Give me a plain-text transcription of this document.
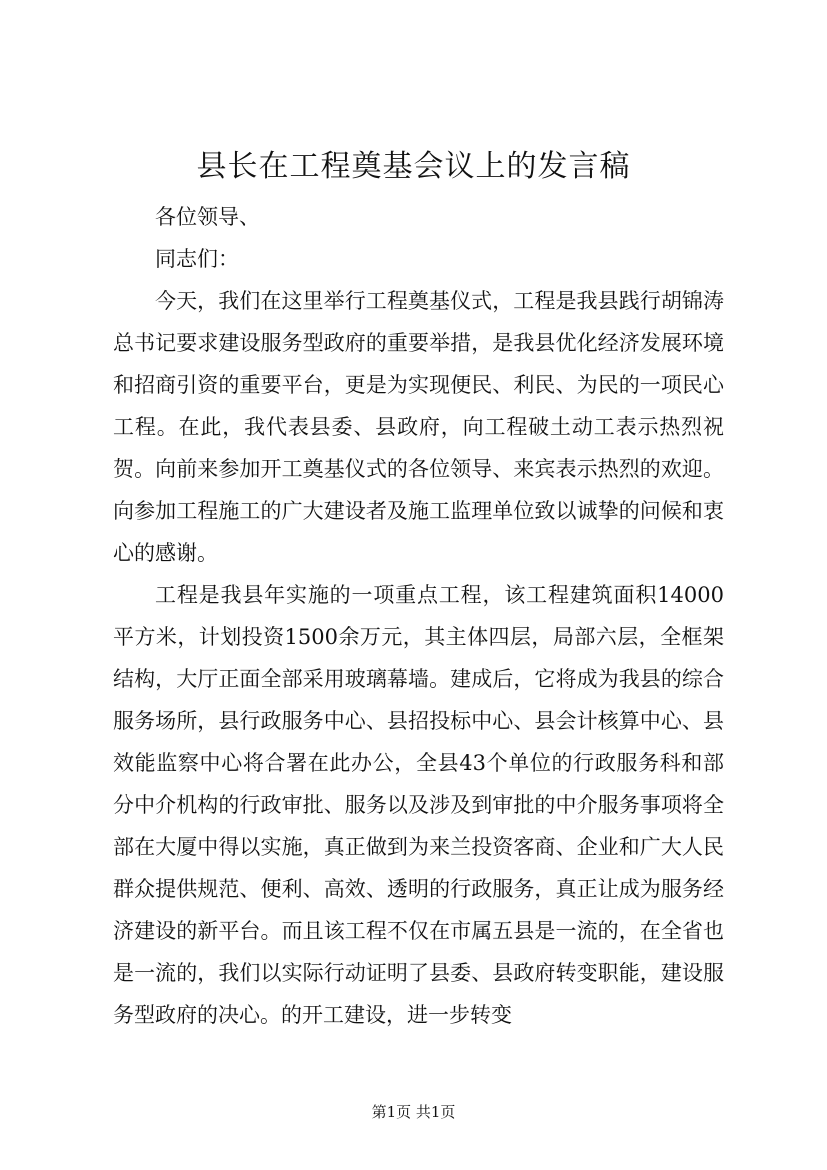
县长在工程奠基会议上的发言稿

各位领导、

同志们：

今天，我们在这里举行工程奠基仪式，工程是我县践行胡锦涛总书记要求建设服务型政府的重要举措，是我县优化经济发展环境和招商引资的重要平台，更是为实现便民、利民、为民的一项民心工程。在此，我代表县委、县政府，向工程破土动工表示热烈祝贺。向前来参加开工奠基仪式的各位领导、来宾表示热烈的欢迎。向参加工程施工的广大建设者及施工监理单位致以诚挚的问候和衷心的感谢。

工程是我县年实施的一项重点工程，该工程建筑面积14000平方米，计划投资1500余万元，其主体四层，局部六层，全框架结构，大厅正面全部采用玻璃幕墙。建成后，它将成为我县的综合服务场所，县行政服务中心、县招投标中心、县会计核算中心、县效能监察中心将合署在此办公，全县43个单位的行政服务科和部分中介机构的行政审批、服务以及涉及到审批的中介服务事项将全部在大厦中得以实施，真正做到为来兰投资客商、企业和广大人民群众提供规范、便利、高效、透明的行政服务，真正让成为服务经济建设的新平台。而且该工程不仅在市属五县是一流的，在全省也是一流的，我们以实际行动证明了县委、县政府转变职能，建设服务型政府的决心。的开工建设，进一步转变

第1页 共1页
